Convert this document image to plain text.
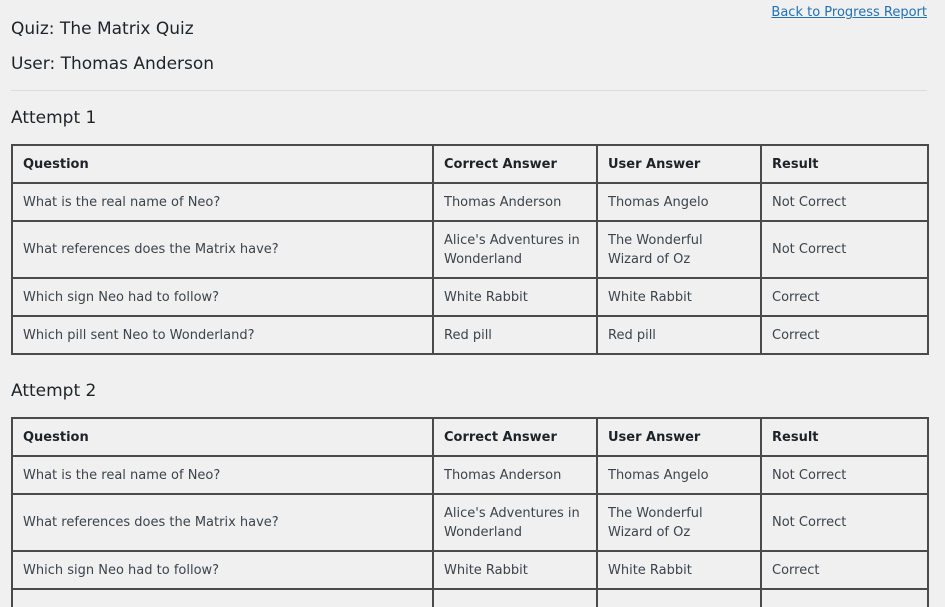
Back to Progress Report
Quiz: The Matrix Quiz
User: Thomas Anderson
Attempt 1
Question	Correct Answer	User Answer	Result
What is the real name of Neo?	Thomas Anderson	Thomas Angelo	Not Correct
What references does the Matrix have?	Alice's Adventures in Wonderland	The Wonderful Wizard of Oz	Not Correct
Which sign Neo had to follow?	White Rabbit	White Rabbit	Correct
Which pill sent Neo to Wonderland?	Red pill	Red pill	Correct
Attempt 2
Question	Correct Answer	User Answer	Result
What is the real name of Neo?	Thomas Anderson	Thomas Angelo	Not Correct
What references does the Matrix have?	Alice's Adventures in Wonderland	The Wonderful Wizard of Oz	Not Correct
Which sign Neo had to follow?	White Rabbit	White Rabbit	Correct
